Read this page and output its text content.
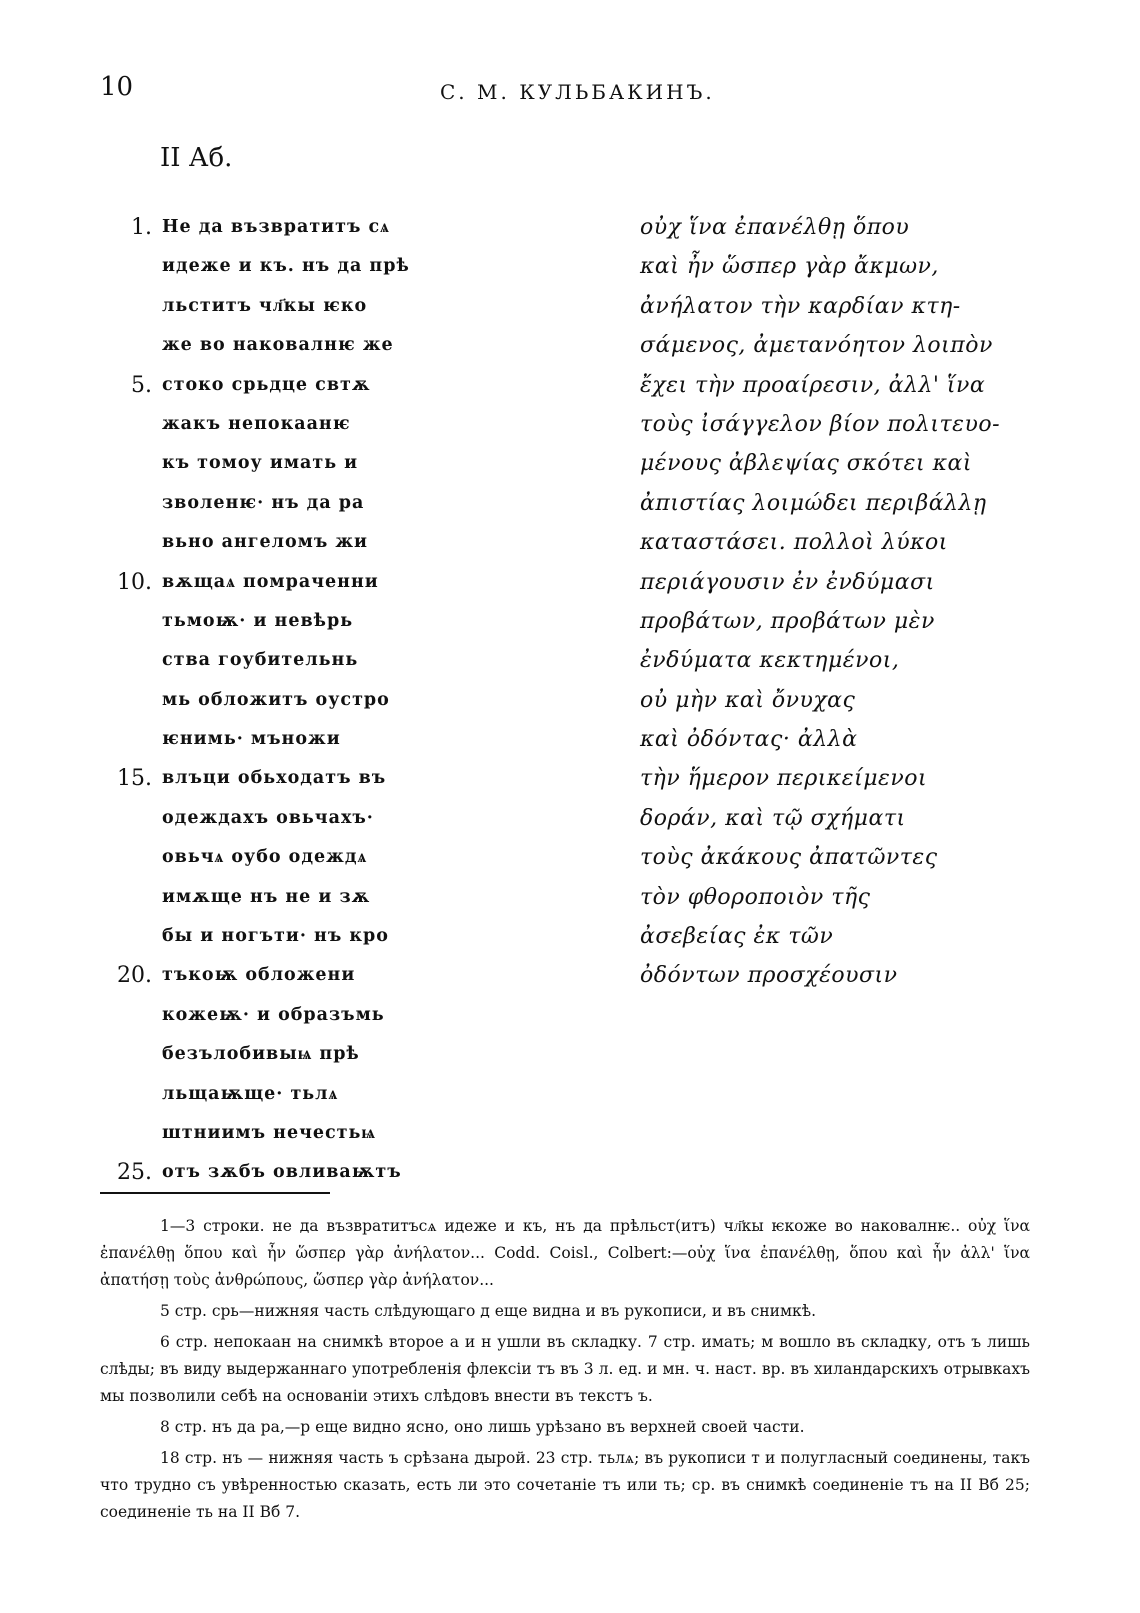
10	С. М. КУЛЬБАКИНЪ.
II Аб.
1. Не да възвратитъ сѧ
идеже и къ. нъ да прѣ
льститъ чл҃кы ѥко
же во наковалнѥ же
5. стоко срьдце свтѫ
жакъ непокаанѥ
къ томоу имать и
зволенѥ· нъ да ра
вьно ангеломъ жи
10. вѫщаѧ помраченни
тьмоѭ· и невѣрь
ства гоубительнь
мь обложитъ оустро
ѥнимь· мъножи
15. влъци обьходатъ въ
одеждахъ овьчахъ·
овьчѧ оубо одеждѧ
имѫще нъ не и зѫ
бы и ногъти· нъ кро
20. тъкоѭ обложени
кожеѭ· и образъмь
безълобивыѩ прѣ
льщаѭще· тьлѧ
штниимъ нечестьѩ
25. отъ зѫбъ овливаѭтъ
οὐχ ἵνα ἐπανέλθῃ ὅπου
καὶ ἦν ὥσπερ γὰρ ἄκμων,
ἀνήλατον τὴν καρδίαν κτη-
σάμενος, ἀμετανόητον λοιπὸν
ἔχει τὴν προαίρεσιν, ἀλλ' ἵνα
τοὺς ἰσάγγελον βίον πολιτευο-
μένους ἀβλεψίας σκότει καὶ
ἀπιστίας λοιμώδει περιβάλλῃ
καταστάσει. πολλοὶ λύκοι
περιάγουσιν ἐν ἐνδύμασι
προβάτων, προβάτων μὲν
ἐνδύματα κεκτημένοι,
οὐ μὴν καὶ ὄνυχας
καὶ ὀδόντας· ἀλλὰ
τὴν ἥμερον περικείμενοι
δοράν, καὶ τῷ σχήματι
τοὺς ἀκάκους ἀπατῶντες
τὸν φθοροποιὸν τῆς
ἀσεβείας ἐκ τῶν
ὀδόντων προσχέουσιν

1—3 строки. не да възвратитъсѧ идеже и къ, нъ да прѣльст(итъ) чл҃кы ѥкоже во наковалнѥ.. οὐχ ἵνα ἐπανέλθῃ ὅπου καὶ ἦν ὥσπερ γὰρ ἀνήλατον... Codd. Coisl., Colbert:—οὐχ ἵνα ἐπανέλθῃ, ὅπου καὶ ἦν ἀλλ' ἵνα ἀπατήσῃ τοὺς ἀνθρώπους, ὥσπερ γὰρ ἀνήλατον...

5 стр. срь—нижняя часть слѣдующаго д еще видна и въ рукописи, и въ снимкѣ.

6 стр. непокаан на снимкѣ второе а и н ушли въ складку. 7 стр. имать; м вошло въ складку, отъ ъ лишь слѣды; въ виду выдержаннаго употребленія флексіи тъ въ 3 л. ед. и мн. ч. наст. вр. въ хиландарскихъ отрывкахъ мы позволили себѣ на основаніи этихъ слѣдовъ внести въ текстъ ъ.

8 стр. нъ да ра,—р еще видно ясно, оно лишь урѣзано въ верхней своей части.

18 стр. нъ — нижняя часть ъ срѣзана дырой. 23 стр. тьлѧ; въ рукописи т и полугласный соединены, такъ что трудно съ увѣренностью сказать, есть ли это сочетаніе тъ или ть; ср. въ снимкѣ соединеніе тъ на II Вб 25; соединеніе ть на II Вб 7.
